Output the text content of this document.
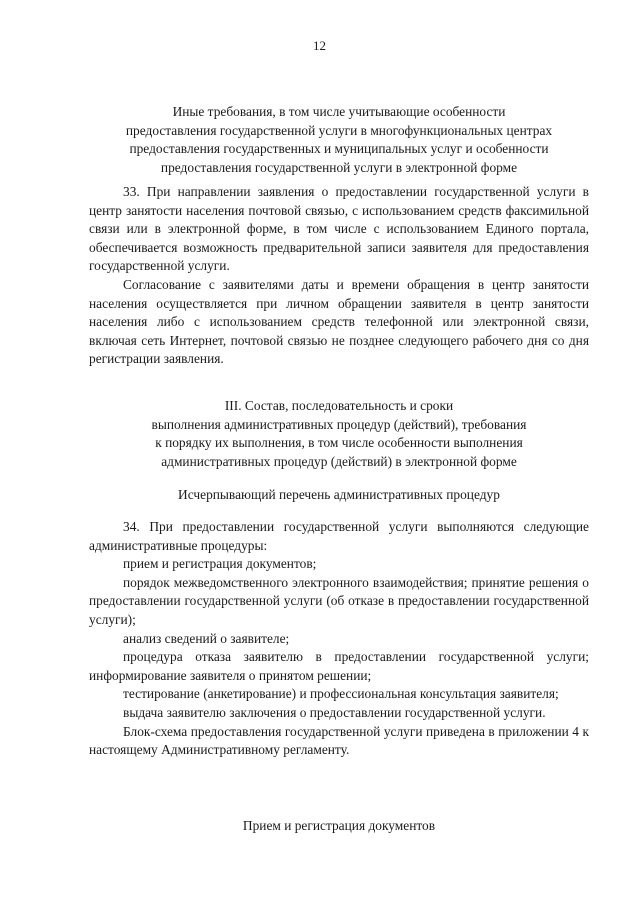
12
Иные требования, в том числе учитывающие особенности
предоставления государственной услуги в многофункциональных центрах
предоставления государственных и муниципальных услуг и особенности
предоставления государственной услуги в электронной форме

33. При направлении заявления о предоставлении государственной услуги в центр занятости населения почтовой связью, с использованием средств факсимильной связи или в электронной форме, в том числе с использованием Единого портала, обеспечивается возможность предварительной записи заявителя для предоставления государственной услуги.

Согласование с заявителями даты и времени обращения в центр занятости населения осуществляется при личном обращении заявителя в центр занятости населения либо с использованием средств телефонной или электронной связи, включая сеть Интернет, почтовой связью не позднее следующего рабочего дня со дня регистрации заявления.

III. Состав, последовательность и сроки
выполнения административных процедур (действий), требования
к порядку их выполнения, в том числе особенности выполнения
административных процедур (действий) в электронной форме
Исчерпывающий перечень административных процедур

34. При предоставлении государственной услуги выполняются следующие административные процедуры:

прием и регистрация документов;

порядок межведомственного электронного взаимодействия; принятие решения о предоставлении государственной услуги (об отказе в предоставлении государственной услуги);

анализ сведений о заявителе;

процедура отказа заявителю в предоставлении государственной услуги; информирование заявителя о принятом решении;

тестирование (анкетирование) и профессиональная консультация заявителя;

выдача заявителю заключения о предоставлении государственной услуги.

Блок-схема предоставления государственной услуги приведена в приложении 4 к настоящему Административному регламенту.

Прием и регистрация документов
